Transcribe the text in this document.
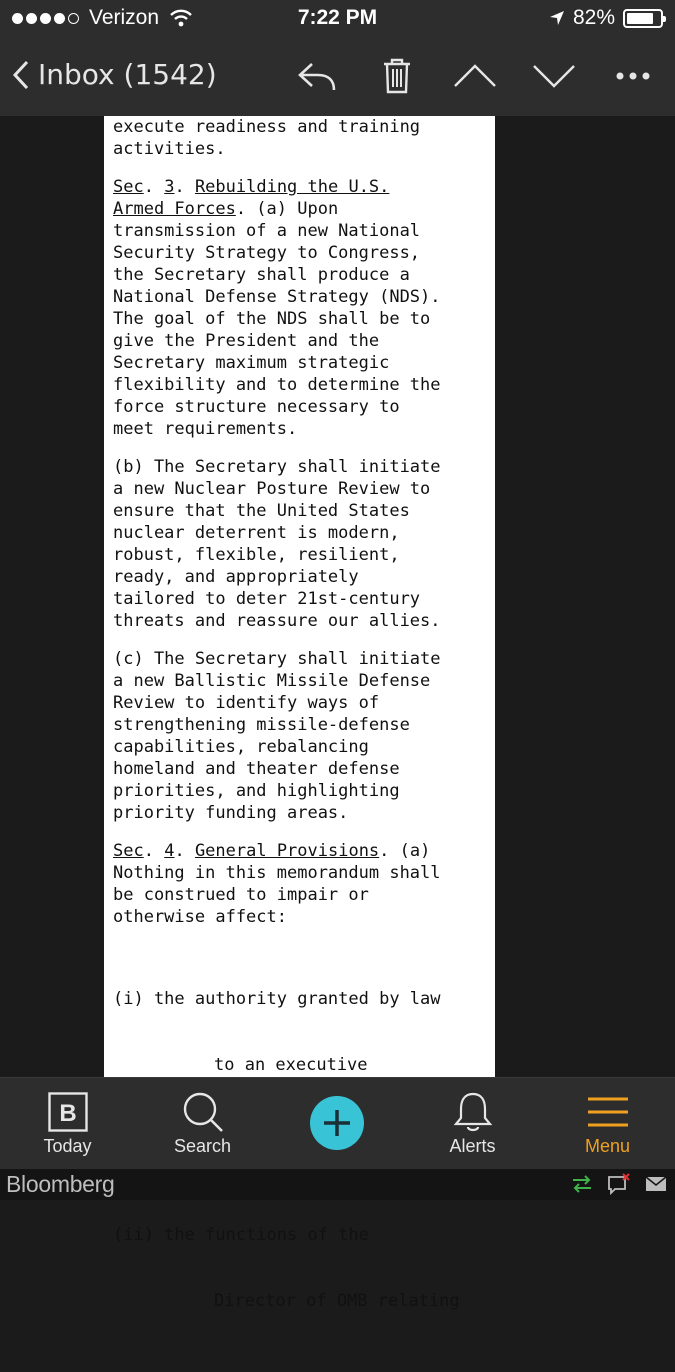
Verizon	7:22 PM	82%
Inbox (1542)

execute readiness and training
activities.

Sec. 3. Rebuilding the U.S.
Armed Forces. (a) Upon
transmission of a new National
Security Strategy to Congress,
the Secretary shall produce a
National Defense Strategy (NDS).
The goal of the NDS shall be to
give the President and the
Secretary maximum strategic
flexibility and to determine the
force structure necessary to
meet requirements.

(b) The Secretary shall initiate
a new Nuclear Posture Review to
ensure that the United States
nuclear deterrent is modern,
robust, flexible, resilient,
ready, and appropriately
tailored to deter 21st-century
threats and reassure our allies.

(c) The Secretary shall initiate
a new Ballistic Missile Defense
Review to identify ways of
strengthening missile-defense
capabilities, rebalancing
homeland and theater defense
priorities, and highlighting
priority funding areas.

Sec. 4. General Provisions. (a)
Nothing in this memorandum shall
be construed to impair or
otherwise affect:

(i) the authority granted by law

to an executive

(ii) the functions of the

Director of OMB relating

B
Today	Search	Alerts	Menu
Bloomberg
